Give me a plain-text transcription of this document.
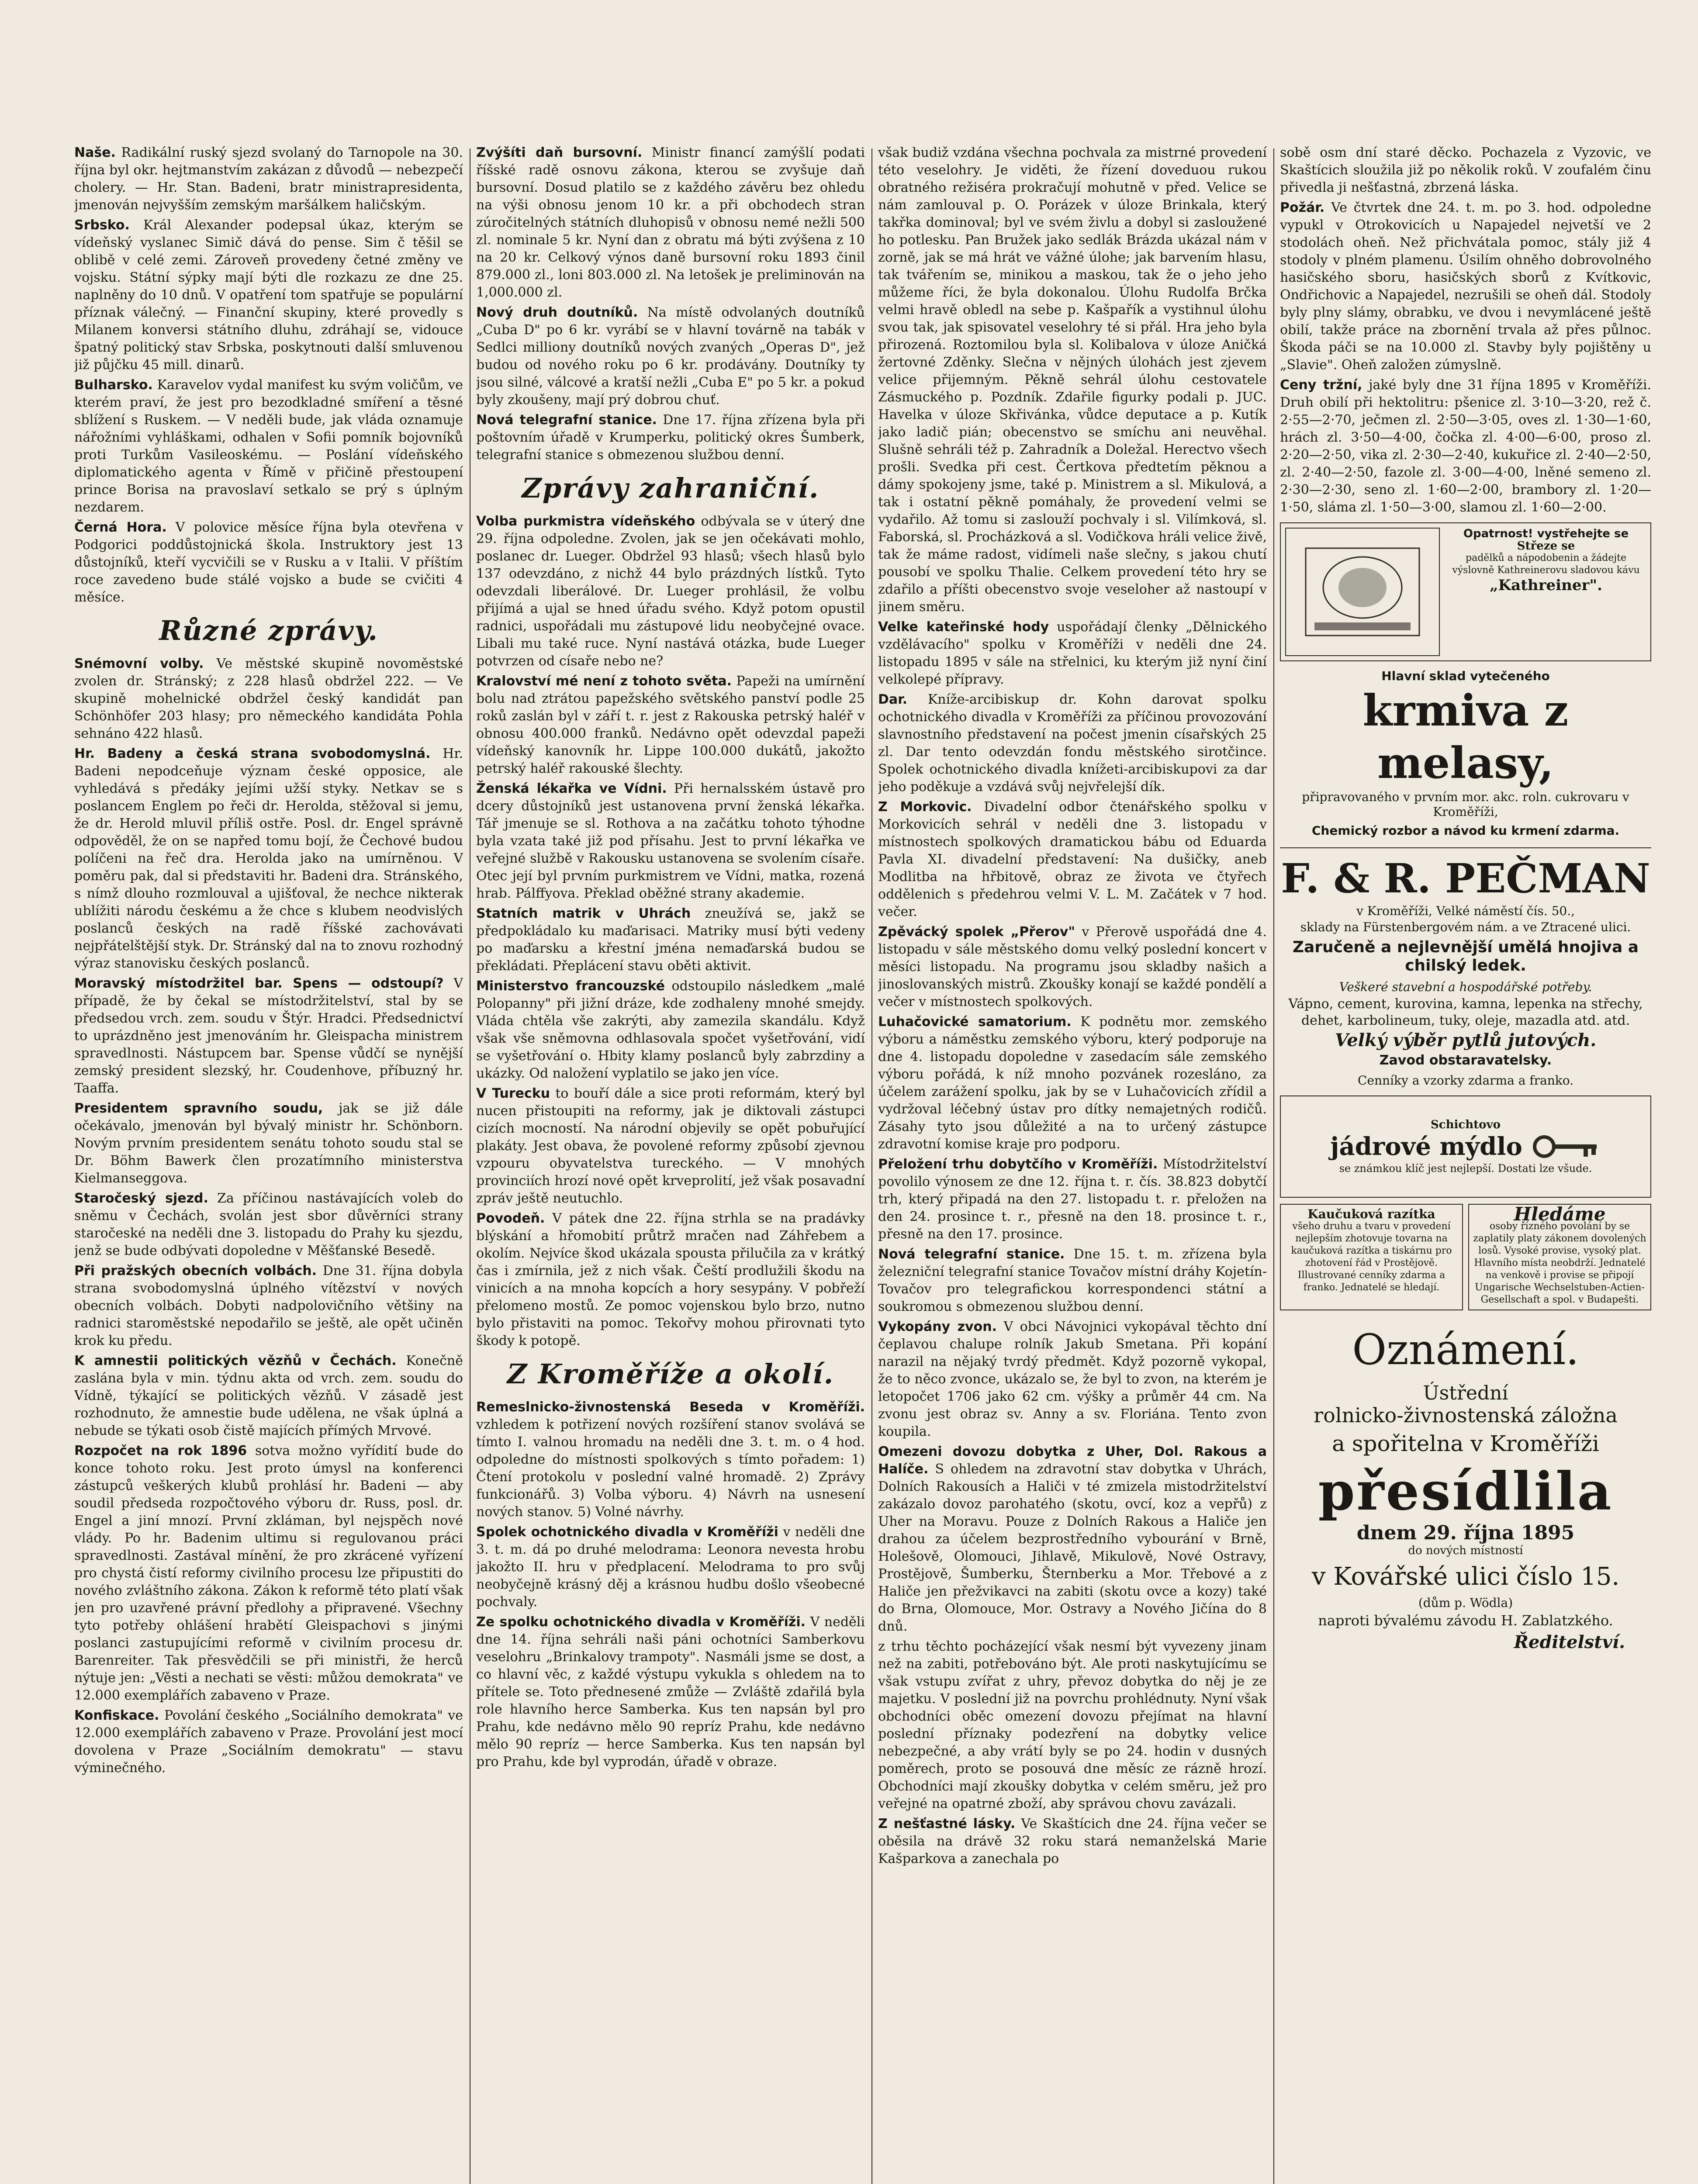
Naše. Radikální ruský sjezd svolaný do Tarnopole na 30. října byl okr. hejtmanstvím zakázan z důvodů — nebezpečí cholery. — Hr. Stan. Badeni, bratr ministrapresidenta, jmenován nejvyšším zemským maršálkem haličským.

Srbsko. Král Alexander podepsal úkaz, kterým se vídeňský vyslanec Simič dává do pense. Sim č těšil se oblibě v celé zemi. Zároveň provedeny četné změny ve vojsku. Státní sýpky mají býti dle rozkazu ze dne 25. naplněny do 10 dnů. V opatření tom spatřuje se populární příznak válečný. — Finanční skupiny, které provedly s Milanem konversi státního dluhu, zdráhají se, vidouce špatný politický stav Srbska, poskytnouti další smluvenou již půjčku 45 mill. dinarů.

Bulharsko. Karavelov vydal manifest ku svým voličům, ve kterém praví, že jest pro bezodkladné smíření a těsné sblížení s Ruskem. — V neděli bude, jak vláda oznamuje nářožními vyhláškami, odhalen v Sofii pomník bojovníků proti Turkům Vasileoskému. — Poslání vídeňského diplomatického agenta v Římě v přičině přestoupení prince Borisa na pravoslaví setkalo se prý s úplným nezdarem.

Černá Hora. V polovice měsíce října byla otevřena v Podgorici poddůstojnická škola. Instruktory jest 13 důstojníků, kteří vycvičili se v Rusku a v Italii. V příštím roce zavedeno bude stálé vojsko a bude se cvičiti 4 měsíce.

Různé zprávy.

Snémovní volby. Ve městské skupině novoměstské zvolen dr. Stránský; z 228 hlasů obdržel 222. — Ve skupině mohelnické obdržel český kandidát pan Schönhöfer 203 hlasy; pro německého kandidáta Pohla sehnáno 422 hlasů.

Hr. Badeny a česká strana svobodomyslná. Hr. Badeni nepodceňuje význam české opposice, ale vyhledává s předáky jejími užší styky. Netkav se s poslancem Englem po řeči dr. Herolda, stěžoval si jemu, že dr. Herold mluvil příliš ostře. Posl. dr. Engel správně odpověděl, že on se napřed tomu bojí, že Čechové budou políčeni na řeč dra. Herolda jako na umírněnou. V poměru pak, dal si představiti hr. Badeni dra. Stránského, s nímž dlouho rozmlouval a ujišťoval, že nechce nikterak ublížiti národu českému a že chce s klubem neodvislých poslanců českých na radě říšské zachovávati nejpřátelštější styk. Dr. Stránský dal na to znovu rozhodný výraz stanovisku českých poslanců.

Moravský místodržitel bar. Spens — odstoupí? V případě, že by čekal se místodržitelství, stal by se předsedou vrch. zem. soudu v Štýr. Hradci. Předsednictví to uprázdněno jest jmenováním hr. Gleispacha ministrem spravedlnosti. Nástupcem bar. Spense vůdčí se nynější zemský president slezský, hr. Coudenhove, příbuzný hr. Taaffa.

Presidentem spravního soudu, jak se již dále očekávalo, jmenován byl bývalý ministr hr. Schönborn. Novým prvním presidentem senátu tohoto soudu stal se Dr. Böhm Bawerk člen prozatímního ministerstva Kielmanseggova.

Staročeský sjezd. Za příčinou nastávajících voleb do sněmu v Čechách, svolán jest sbor důvěrníci strany staročeské na neděli dne 3. listopadu do Prahy ku sjezdu, jenž se bude odbývati dopoledne v Měšťanské Besedě.

Při pražských obecních volbách. Dne 31. října dobyla strana svobodomyslná úplného vítězství v nových obecních volbách. Dobyti nadpolovičního většiny na radnici staroměstské nepodařilo se ještě, ale opět učiněn krok ku předu.

K amnestii politických vězňů v Čechách. Konečně zaslána byla v min. týdnu akta od vrch. zem. soudu do Vídně, týkající se politických vězňů. V zásadě jest rozhodnuto, že amnestie bude udělena, ne však úplná a nebude se týkati osob čistě majících přímých Mrvové.

Rozpočet na rok 1896 sotva možno vyřídití bude do konce tohoto roku. Jest proto úmysl na konferenci zástupců veškerých klubů prohlásí hr. Badeni — aby soudil předseda rozpočtového výboru dr. Russ, posl. dr. Engel a jiní mnozí. První zkláman, byl nejspěch nové vlády. Po hr. Badenim ultimu si regulovanou práci spravedlnosti. Zastával mínění, že pro zkrácené vyřízení pro chystá čistí reformy civilního procesu lze připustiti do nového zvláštního zákona. Zákon k reformě této platí však jen pro uzavřené právní předlohy a připravené. Všechny tyto potřeby ohlášení hrabětí Gleispachovi s jinými poslanci zastupujícími reformě v civilním procesu dr. Barenreiter. Tak přesvědčili se při ministři, že herců nýtuje jen: „Věsti a nechati se věsti: můžou demokrata" ve 12.000 exemplářích zabaveno v Praze.

Konfiskace. Povolání českého „Sociálního demokrata" ve 12.000 exemplářích zabaveno v Praze. Provolání jest mocí dovolena v Praze „Sociálním demokratu" — stavu výminečného.

Zvýšíti daň bursovní. Ministr financí zamýšlí podati říšské radě osnovu zákona, kterou se zvyšuje daň bursovní. Dosud platilo se z každého závěru bez ohledu na výši obnosu jenom 10 kr. a při obchodech stran zúročitelných státních dluhopisů v obnosu nemé nežli 500 zl. nominale 5 kr. Nyní dan z obratu má býti zvýšena z 10 na 20 kr. Celkový výnos daně bursovní roku 1893 činil 879.000 zl., loni 803.000 zl. Na letošek je preliminován na 1,000.000 zl.

Nový druh doutníků. Na místě odvolaných doutníků „Cuba D" po 6 kr. vyrábí se v hlavní továrně na tabák v Sedlci milliony doutníků nových zvaných „Operas D", jež budou od nového roku po 6 kr. prodávány. Doutníky ty jsou silné, válcové a kratší nežli „Cuba E" po 5 kr. a pokud byly zkoušeny, mají prý dobrou chuť.

Nová telegrafní stanice. Dne 17. října zřízena byla při poštovním úřadě v Krumperku, politický okres Šumberk, telegrafní stanice s obmezenou službou denní.

Zprávy zahraniční.

Volba purkmistra vídeňského odbývala se v úterý dne 29. října odpoledne. Zvolen, jak se jen očekávati mohlo, poslanec dr. Lueger. Obdržel 93 hlasů; všech hlasů bylo 137 odevzdáno, z nichž 44 bylo prázdných lístků. Tyto odevzdali liberálové. Dr. Lueger prohlásil, že volbu přijímá a ujal se hned úřadu svého. Když potom opustil radnici, uspořádali mu zástupové lidu neobyčejné ovace. Libali mu také ruce. Nyní nastává otázka, bude Lueger potvrzen od císaře nebo ne?

Kralovství mé není z tohoto světa. Papeži na umírnění bolu nad ztrátou papežského světského panství podle 25 roků zaslán byl v září t. r. jest z Rakouska petrský haléř v obnosu 400.000 franků. Nedávno opět odevzdal papeži vídeňský kanovník hr. Lippe 100.000 dukátů, jakožto petrský haléř rakouské šlechty.

Ženská lékařka ve Vídni. Při hernalsském ústavě pro dcery důstojníků jest ustanovena první ženská lékařka. Tář jmenuje se sl. Rothova a na začátku tohoto týhodne byla vzata také již pod přísahu. Jest to první lékařka ve veřejné službě v Rakousku ustanovena se svolením císaře. Otec její byl prvním purkmistrem ve Vídni, matka, rozená hrab. Pálffyova. Překlad oběžné strany akademie.

Statních matrik v Uhrách zneužívá se, jakž se předpokládalo ku maďarisaci. Matriky musí býti vedeny po maďarsku a křestní jména nemaďarská budou se překládati. Přeplácení stavu oběti aktivit.

Ministerstvo francouzské odstoupilo následkem „malé Polopanny" při jižní dráze, kde zodhaleny mnohé smejdy. Vláda chtěla vše zakrýti, aby zamezila skandálu. Když však vše sněmovna odhlasovala spočet vyšetřování, vidí se vyšetřování o. Hbity klamy poslanců byly zabrzdiny a ukázky. Od naložení vyplatilo se jako jen více.

V Turecku to bouří dále a sice proti reformám, který byl nucen přistoupiti na reformy, jak je diktovali zástupci cizích mocností. Na národní objevily se opět pobuřující plakáty. Jest obava, že povolené reformy způsobí zjevnou vzpouru obyvatelstva tureckého. — V mnohých provinciích hrozí nové opět krveprolití, jež však posavadní zpráv ještě neutuchlo.

Povodeň. V pátek dne 22. října strhla se na pradávky blýskání a hřomobití průtrž mračen nad Záhřebem a okolím. Nejvíce škod ukázala spousta přilučila za v krátký čas i zmírnila, jež z nich však. Čeští prodlužili škodu na vinicích a na mnoha kopcích a hory sesypány. V pobřeží přelomeno mostů. Ze pomoc vojenskou bylo brzo, nutno bylo přistaviti na pomoc. Tekořvy mohou přirovnati tyto škody k potopě.

Z Kroměříže a okolí.

Remeslnicko-živnostenská Beseda v Kroměříži. vzhledem k potřizení nových rozšíření stanov svolává se tímto I. valnou hromadu na neděli dne 3. t. m. o 4 hod. odpoledne do místnosti spolkových s tímto pořadem: 1) Čtení protokolu v poslední valné hromadě. 2) Zprávy funkcionářů. 3) Volba výboru. 4) Návrh na usnesení nových stanov. 5) Volné návrhy.

Spolek ochotnického divadla v Kroměříži v neděli dne 3. t. m. dá po druhé melodrama: Leonora nevesta hrobu jakožto II. hru v předplacení. Melodrama to pro svůj neobyčejně krásný děj a krásnou hudbu došlo všeobecné pochvaly.

Ze spolku ochotnického divadla v Kroměříži. V neděli dne 14. října sehráli naši páni ochotníci Samberkovu veselohru „Brinkalovy trampoty". Nasmáli jsme se dost, a co hlavní věc, z každé výstupu vykukla s ohledem na to přítele se. Toto přednesené zmůže — Zvláště zdařilá byla role hlavního herce Samberka. Kus ten napsán byl pro Prahu, kde nedávno mělo 90 repríz Prahu, kde nedávno mělo 90 repríz — herce Samberka. Kus ten napsán byl pro Prahu, kde byl vyprodán, úřadě v obraze.

však budiž vzdána všechna pochvala za mistrné provedení této veselohry. Je viděti, že řízení doveduou rukou obratného režiséra prokračují mohutně v před. Velice se nám zamlouval p. O. Porázek v úloze Brinkala, který takřka dominoval; byl ve svém živlu a dobyl si zasloužené ho potlesku. Pan Bružek jako sedlák Brázda ukázal nám v zorně, jak se má hrát ve vážné úlohe; jak barvením hlasu, tak tvářením se, minikou a maskou, tak že o jeho jeho můžeme říci, že byla dokonalou. Úlohu Rudolfa Brčka velmi hravě obledl na sebe p. Kašpařík a vystihnul úlohu svou tak, jak spisovatel veselohry té si přál. Hra jeho byla přirozená. Roztomilou byla sl. Kolibalova v úloze Aničká žertovné Zděnky. Slečna v nějných úlohách jest zjevem velice přijemným. Pěkně sehrál úlohu cestovatele Zásmuckého p. Pozdník. Zdařile figurky podali p. JUC. Havelka v úloze Skřivánka, vůdce deputace a p. Kutík jako ladič pián; obecenstvo se smíchu ani neuvěhal. Slušně sehráli též p. Zahradník a Doležal. Herectvo všech prošli. Svedka při cest. Čertkova předtetím pěknou a dámy spokojeny jsme, také p. Ministrem a sl. Mikulová, a tak i ostatní pěkně pomáhaly, že provedení velmi se vydařilo. Až tomu si zaslouží pochvaly i sl. Vilímková, sl. Faborská, sl. Procházková a sl. Vodičkova hráli velice živě, tak že máme radost, vidímeli naše slečny, s jakou chutí pousobí ve spolku Thalie. Celkem provedení této hry se zdařilo a příšti obecenstvo svoje veseloher až nastoupí v jinem směru.

Velke kateřinské hody uspořádají členky „Dělnického vzdělávacího" spolku v Kroměříži v neděli dne 24. listopadu 1895 v sále na střelnici, ku kterým již nyní činí velkolepé přípravy.

Dar. Kníže-arcibiskup dr. Kohn darovat spolku ochotnického divadla v Kroměříži za příčinou provozování slavnostního představení na počest jmenin císařských 25 zl. Dar tento odevzdán fondu městského sirotčince. Spolek ochotnického divadla knížeti-arcibiskupovi za dar jeho poděkuje a vzdává svůj nejvřelejší dík.

Z Morkovic. Divadelní odbor čtenářského spolku v Morkovicích sehrál v neděli dne 3. listopadu v místnostech spolkových dramatickou bábu od Eduarda Pavla XI. divadelní představení: Na dušičky, aneb Modlitba na hřbitově, obraz ze života ve čtyřech oddělenich s předehrou velmi V. L. M. Začátek v 7 hod. večer.

Zpěvácký spolek „Přerov" v Přerově uspořádá dne 4. listopadu v sále městského domu velký poslední koncert v měsíci listopadu. Na programu jsou skladby našich a jinoslovanských mistrů. Zkoušky konají se každé pondělí a večer v místnostech spolkových.

Luhačovické samatorium. K podnětu mor. zemského výboru a náměstku zemského výboru, který podporuje na dne 4. listopadu dopoledne v zasedacím sále zemského výboru pořádá, k níž mnoho pozvánek rozesláno, za účelem zarážení spolku, jak by se v Luhačovicích zřídil a vydržoval léčebný ústav pro dítky nemajetných rodičů. Zásahy tyto jsou důležité a na to určený zástupce zdravotní komise kraje pro podporu.

Přeložení trhu dobytčího v Kroměříži. Místodržitelství povolilo výnosem ze dne 12. října t. r. čís. 38.823 dobytčí trh, který připadá na den 27. listopadu t. r. přeložen na den 24. prosince t. r., přesně na den 18. prosince t. r., přesně na den 17. prosince.

Nová telegrafní stanice. Dne 15. t. m. zřízena byla železniční telegrafní stanice Tovačov místní dráhy Kojetín-Tovačov pro telegrafickou korrespondenci státní a soukromou s obmezenou službou denní.

Vykopány zvon. V obci Návojnici vykopával těchto dní čeplavou chalupe rolník Jakub Smetana. Při kopání narazil na nějaký tvrdý předmět. Když pozorně vykopal, že to něco zvonce, ukázalo se, že byl to zvon, na kterém je letopočet 1706 jako 62 cm. výšky a průměr 44 cm. Na zvonu jest obraz sv. Anny a sv. Floriána. Tento zvon koupila.

Omezeni dovozu dobytka z Uher, Dol. Rakous a Halíče. S ohledem na zdravotní stav dobytka v Uhrách, Dolních Rakousích a Haliči v té zmizela mistodržitelství zakázalo dovoz parohatého (skotu, ovcí, koz a vepřů) z Uher na Moravu. Pouze z Dolních Rakous a Haliče jen drahou za účelem bezprostředního vybourání v Brně, Holešově, Olomouci, Jihlavě, Mikulově, Nové Ostravy, Prostějově, Šumberku, Šternberku a Mor. Třebové a z Haliče jen přežvikavci na zabiti (skotu ovce a kozy) také do Brna, Olomouce, Mor. Ostravy a Nového Jičína do 8 dnů.

z trhu těchto pocházející však nesmí být vyvezeny jinam než na zabiti, potřebováno být. Ale proti naskytujícímu se však vstupu zvířat z uhry, převoz dobytka do něj je ze majetku. V poslední již na povrchu prohlédnuty. Nyní však obchodníci oběc omezení dovozu přejímat na hlavní poslední příznaky podezření na dobytky velice nebezpečné, a aby vrátí byly se po 24. hodin v dusných poměrech, proto se posouvá dne měsíc ze rázně hrozí. Obchodníci mají zkoušky dobytka v celém směru, jež pro veřejné na opatrné zboží, aby správou chovu zavázali.

Z nešťastné lásky. Ve Skaštícich dne 24. října večer se oběsila na drávě 32 roku stará nemanželská Marie Kašparkova a zanechala po

sobě osm dní staré děcko. Pochazela z Vyzovic, ve Skaštícich sloužila již po několik roků. V zoufalém činu přivedla ji nešťastná, zbrzená láska.

Požár. Ve čtvrtek dne 24. t. m. po 3. hod. odpoledne vypukl v Otrokovicích u Napajedel nejvetší ve 2 stodolách oheň. Než přichvátala pomoc, stály již 4 stodoly v plném plamenu. Úsilím ohněho dobrovolného hasičského sboru, hasičských sborů z Kvítkovic, Ondřichovic a Napajedel, nezrušili se oheň dál. Stodoly byly plny slámy, obrabku, ve dvou i nevymlácené ještě obilí, takže práce na zbornění trvala až přes půlnoc. Škoda páči se na 10.000 zl. Stavby byly pojištěny u „Slavie". Oheň založen zúmyslně.

Ceny tržní, jaké byly dne 31 října 1895 v Kroměříži. Druh obilí při hektolitru: pšenice zl. 3·10—3·20, rež č. 2·55—2·70, ječmen zl. 2·50—3·05, oves zl. 1·30—1·60, hrách zl. 3·50—4·00, čočka zl. 4·00—6·00, proso zl. 2·20—2·50, vika zl. 2·30—2·40, kukuřice zl. 2·40—2·50, zl. 2·40—2·50, fazole zl. 3·00—4·00, lněné semeno zl. 2·30—2·30, seno zl. 1·60—2·00, brambory zl. 1·20—1·50, sláma zl. 1·50—3·00, slamou zl. 1·60—2·00.

Opatrnost! vystřehejte se
Střeze se
padělků a nápodobenin a žádejte výslovně Kathreinerovu sladovou kávu
„Kathreiner".
Hlavní sklad vytečeného
krmiva z melasy,
připravovaného v prvním mor. akc. roln. cukrovaru v Kroměříži,
Chemický rozbor a návod ku krmení zdarma.
F. & R. PEČMAN
v Kroměříži, Velké náměstí čís. 50.,
sklady na Fürstenbergovém nám. a ve Ztracené ulici.
Zaručeně a nejlevnější umělá hnojiva a chilský ledek.
Veškeré stavební a hospodářské potřeby.
Vápno, cement, kurovina, kamna, lepenka na střechy, dehet, karbolineum, tuky, oleje, mazadla atd. atd.
Velký výběr pytlů jutových.
Zavod obstaravatelsky.
Cenníky a vzorky zdarma a franko.
Schichtovo
jádrové mýdlo
se známkou klíč jest nejlepší. Dostati lze všude.
Kaučuková razítka
všeho druhu a tvaru v provedení nejlepším zhotovuje tovarna na kaučuková razítka a tiskárnu pro zhotovení řád v Prostějově. Illustrované cenníky zdarma a franko. Jednatelé se hledají.
Hledáme
osoby řízného povolání by se zaplatily platy zákonem dovolených losů. Vysoké provise, vysoký plat. Hlavního místa neobdrží. Jednatelé na venkově i provise se připojí Ungarische Wechselstuben-Actien-Gesellschaft a spol. v Budapešti.
Oznámení.
Ústřední
rolnicko-živnostenská záložna
a spořitelna v Kroměříži
přesídlila
dnem 29. října 1895
do nových místností
v Kovářské ulici číslo 15.
(dům p. Wödla)
naproti bývalému závodu H. Zablatzkého.
Ředitelství.
